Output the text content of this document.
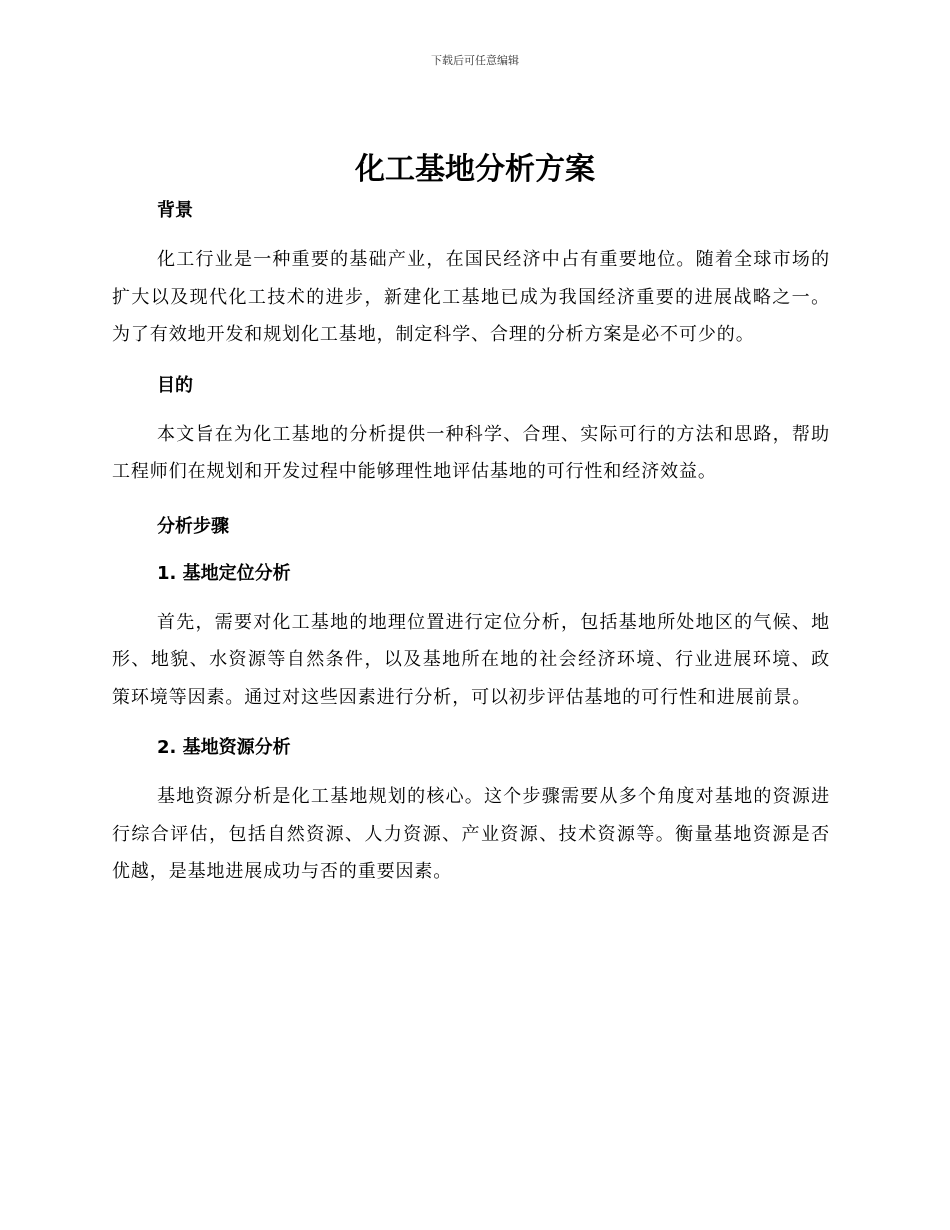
下载后可任意编辑
化工基地分析方案
背景

化工行业是一种重要的基础产业，在国民经济中占有重要地位。随着全球市场的扩大以及现代化工技术的进步，新建化工基地已成为我国经济重要的进展战略之一。为了有效地开发和规划化工基地，制定科学、合理的分析方案是必不可少的。

目的

本文旨在为化工基地的分析提供一种科学、合理、实际可行的方法和思路，帮助工程师们在规划和开发过程中能够理性地评估基地的可行性和经济效益。

分析步骤
1. 基地定位分析

首先，需要对化工基地的地理位置进行定位分析，包括基地所处地区的气候、地形、地貌、水资源等自然条件，以及基地所在地的社会经济环境、行业进展环境、政策环境等因素。通过对这些因素进行分析，可以初步评估基地的可行性和进展前景。

2. 基地资源分析

基地资源分析是化工基地规划的核心。这个步骤需要从多个角度对基地的资源进行综合评估，包括自然资源、人力资源、产业资源、技术资源等。衡量基地资源是否优越，是基地进展成功与否的重要因素。
